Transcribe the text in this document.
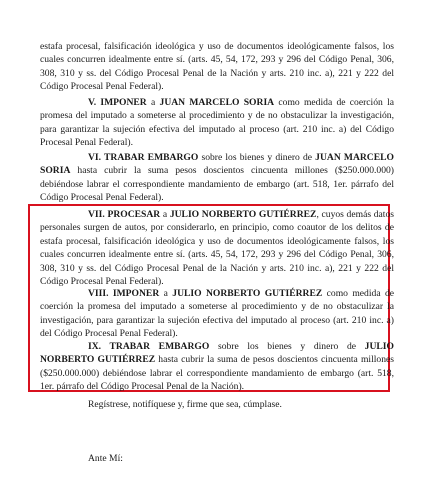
estafa procesal, falsificación ideológica y uso de documentos ideológicamente falsos, los cuales concurren idealmente entre sí. (arts. 45, 54, 172, 293 y 296 del Código Penal, 306, 308, 310 y ss. del Código Procesal Penal de la Nación y arts. 210 inc. a), 221 y 222 del Código Procesal Penal Federal).

V. IMPONER a JUAN MARCELO SORIA como medida de coerción la promesa del imputado a someterse al procedimiento y de no obstaculizar la investigación, para garantizar la sujeción efectiva del imputado al proceso (art. 210 inc. a) del Código Procesal Penal Federal).

VI. TRABAR EMBARGO sobre los bienes y dinero de JUAN MARCELO SORIA hasta cubrir la suma pesos doscientos cincuenta millones ($250.000.000) debiéndose labrar el correspondiente mandamiento de embargo (art. 518, 1er. párrafo del Código Procesal Penal Federal).

VII. PROCESAR a JULIO NORBERTO GUTIÉRREZ, cuyos demás datos personales surgen de autos, por considerarlo, en principio, como coautor de los delitos de estafa procesal, falsificación ideológica y uso de documentos ideológicamente falsos, los cuales concurren idealmente entre sí. (arts. 45, 54, 172, 293 y 296 del Código Penal, 306, 308, 310 y ss. del Código Procesal Penal de la Nación y arts. 210 inc. a), 221 y 222 del Código Procesal Penal Federal).

VIII. IMPONER a JULIO NORBERTO GUTIÉRREZ como medida de coerción la promesa del imputado a someterse al procedimiento y de no obstaculizar la investigación, para garantizar la sujeción efectiva del imputado al proceso (art. 210 inc. a) del Código Procesal Penal Federal).

IX. TRABAR EMBARGO sobre los bienes y dinero de JULIO NORBERTO GUTIÉRREZ hasta cubrir la suma de pesos doscientos cincuenta millones ($250.000.000) debiéndose labrar el correspondiente mandamiento de embargo (art. 518, 1er. párrafo del Código Procesal Penal de la Nación).

Regístrese, notifíquese y, firme que sea, cúmplase.

Ante Mí:
